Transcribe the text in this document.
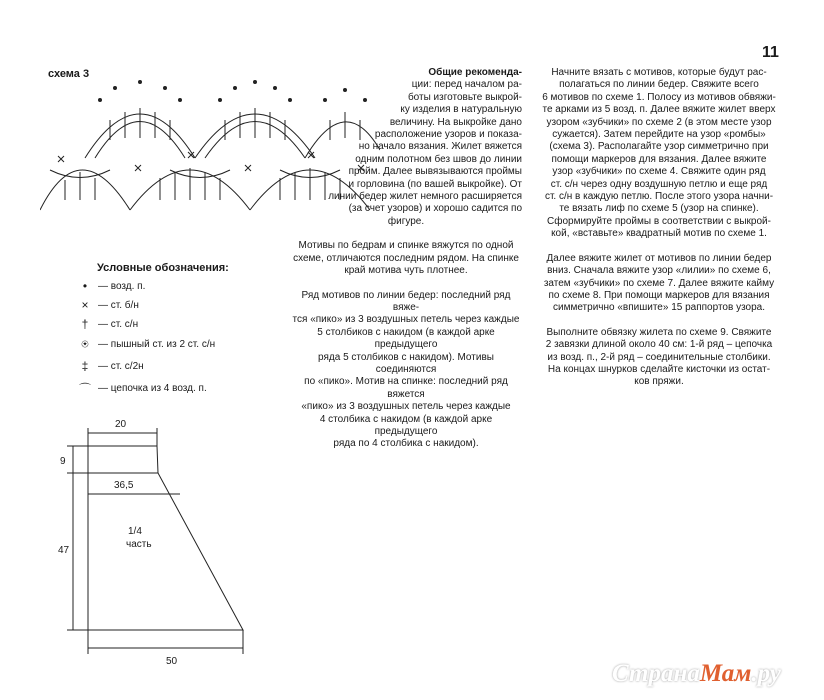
11
схема 3
Условные обозначения:
•	— возд. п.
× — ст. б/н
† — ст. с/н
⍟ — пышный ст. из 2 ст. с/н
‡ — ст. с/2н
⌒ — цепочка из 4 возд. п.
20
9
36,5
47
1/4
часть
50
Общие рекоменда-
ции: перед началом ра-
боты изготовьте выкрой-
ку изделия в натуральную
величину. На выкройке дано
расположение узоров и показа-
но начало вязания. Жилет вяжется
одним полотном без швов до линии
пройм. Далее вывязываются проймы
и горловина (по вашей выкройке). От
линии бедер жилет немного расширяется
(за счет узоров) и хорошо садится по
фигуре.
Мотивы по бедрам и спинке вяжутся по одной
схеме, отличаются последним рядом. На спинке
край мотива чуть плотнее.
Ряд мотивов по линии бедер: последний ряд вяже-
тся «пико» из 3 воздушных петель через каждые
5 столбиков с накидом (в каждой арке предыдущего
ряда 5 столбиков с накидом). Мотивы соединяются
по «пико». Мотив на спинке: последний ряд вяжется
«пико» из 3 воздушных петель через каждые
4 столбика с накидом (в каждой арке предыдущего
ряда по 4 столбика с накидом).
Начните вязать с мотивов, которые будут рас-
полагаться по линии бедер. Свяжите всего
6 мотивов по схеме 1. Полосу из мотивов обвяжи-
те арками из 5 возд. п. Далее вяжите жилет вверх
узором «зубчики» по схеме 2 (в этом месте узор
сужается). Затем перейдите на узор «ромбы»
(схема 3). Располагайте узор симметрично при
помощи маркеров для вязания. Далее вяжите
узор «зубчики» по схеме 4. Свяжите один ряд
ст. с/н через одну воздушную петлю и еще ряд
ст. с/н в каждую петлю. После этого узора начни-
те вязать лиф по схеме 5 (узор на спинке).
Сформируйте проймы в соответствии с выкрой-
кой, «вставьте» квадратный мотив по схеме 1.
Далее вяжите жилет от мотивов по линии бедер
вниз. Сначала вяжите узор «лилии» по схеме 6,
затем «зубчики» по схеме 7. Далее вяжите кайму
по схеме 8. При помощи маркеров для вязания
симметрично «впишите» 15 раппортов узора.
Выполните обвязку жилета по схеме 9. Свяжите
2 завязки длиной около 40 см: 1-й ряд – цепочка
из возд. п., 2-й ряд – соединительные столбики.
На концах шнурков сделайте кисточки из остат-
ков пряжи.
СтранаМам.ру
